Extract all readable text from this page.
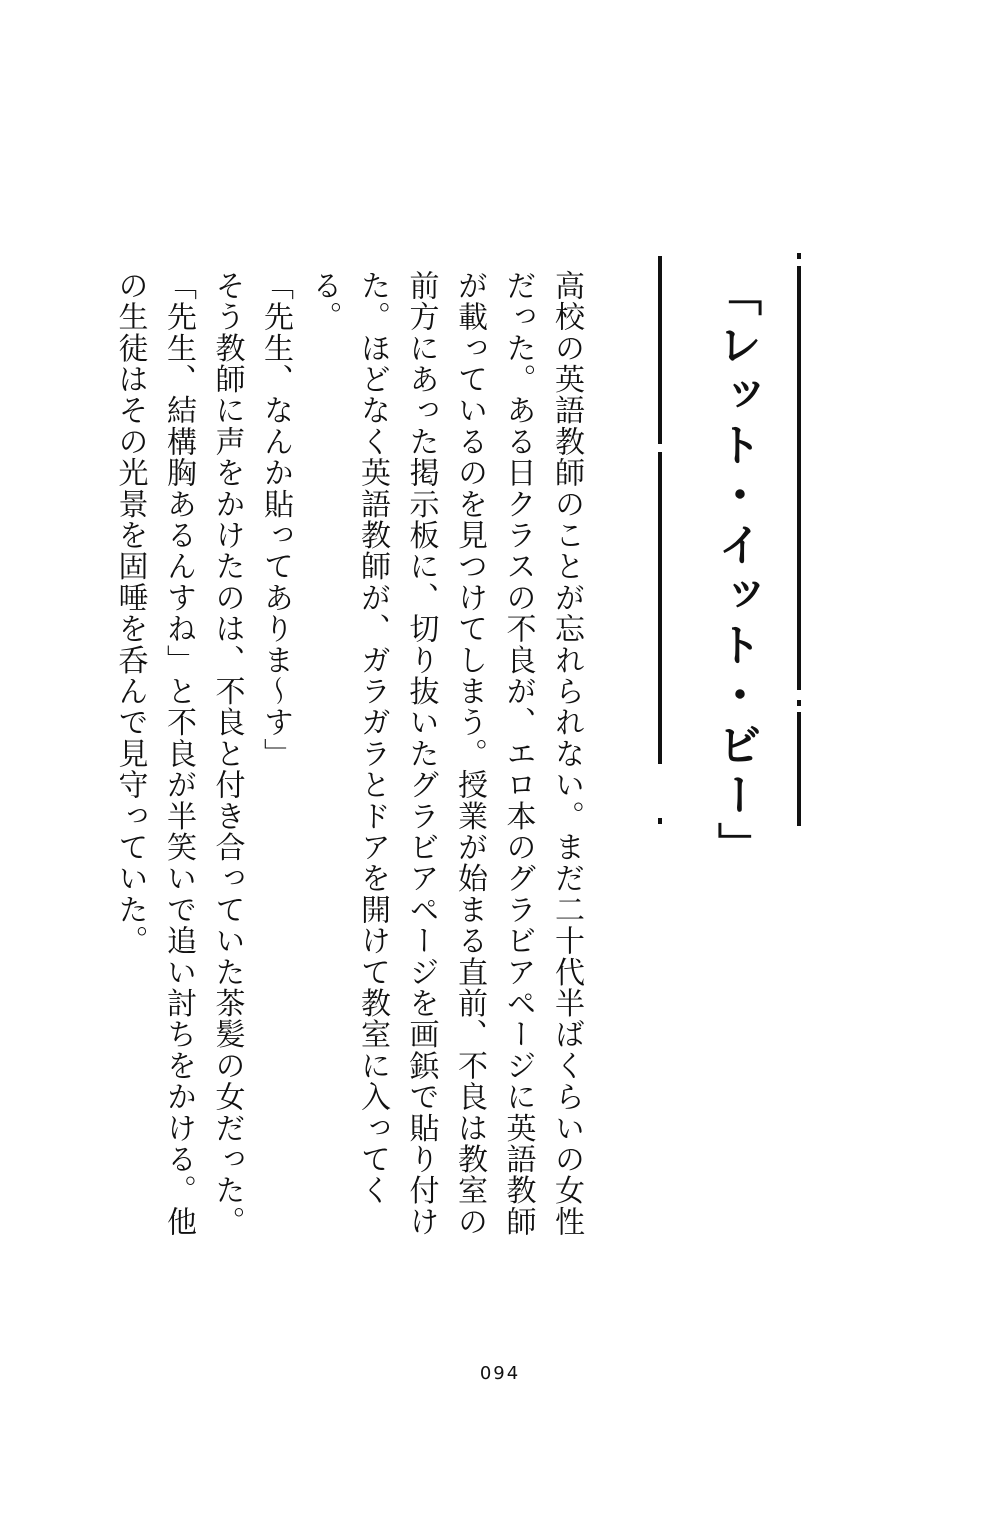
「レット・イット・ビー」

高校の英語教師のことが忘れられない。まだ二十代半ばくらいの女性だった。ある日クラスの不良が、エロ本のグラビアページに英語教師が載っているのを見つけてしまう。授業が始まる直前、不良は教室の前方にあった掲示板に、切り抜いたグラビアページを画鋲で貼り付けた。ほどなく英語教師が、ガラガラとドアを開けて教室に入ってくる。

「先生、なんか貼ってありま〜す」

そう教師に声をかけたのは、不良と付き合っていた茶髪の女だった。「先生、結構胸あるんすね」と不良が半笑いで追い討ちをかける。他の生徒はその光景を固唾を呑んで見守っていた。

094
